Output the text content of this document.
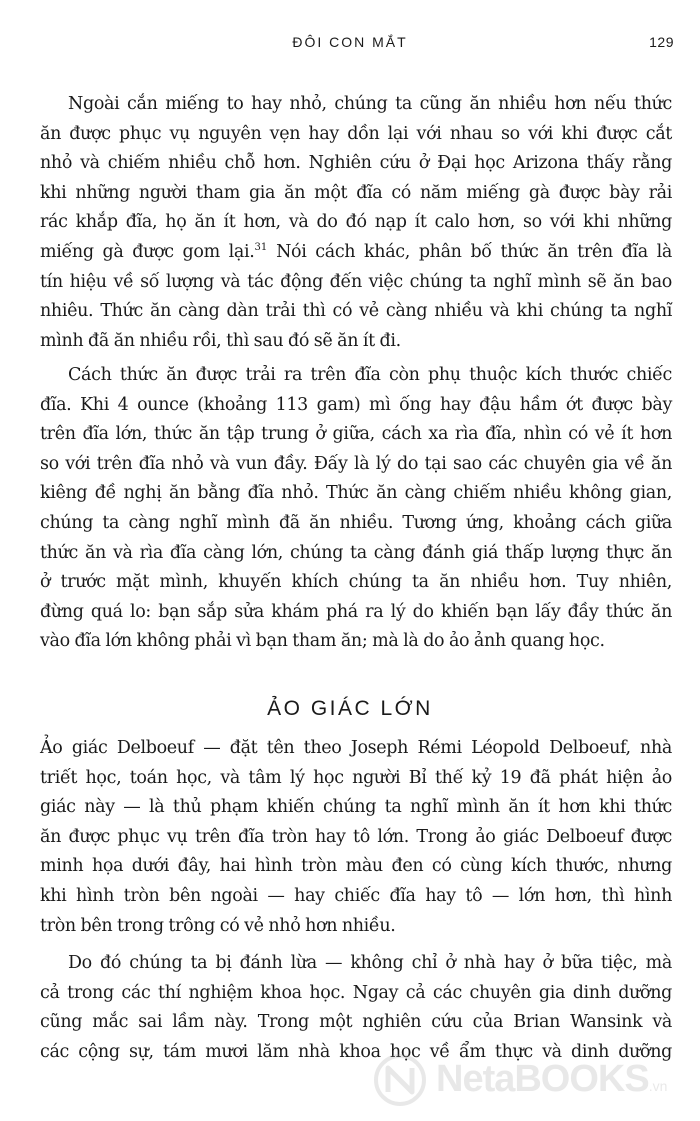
ĐÔI CON MẮT	129
Ngoài cắn miếng to hay nhỏ, chúng ta cũng ăn nhiều hơn nếu thức
ăn được phục vụ nguyên vẹn hay dồn lại với nhau so với khi được cắt
nhỏ và chiếm nhiều chỗ hơn. Nghiên cứu ở Đại học Arizona thấy rằng
khi những người tham gia ăn một đĩa có năm miếng gà được bày rải
rác khắp đĩa, họ ăn ít hơn, và do đó nạp ít calo hơn, so với khi những
miếng gà được gom lại.$^{31}$ Nói cách khác, phân bố thức ăn trên đĩa là
tín hiệu về số lượng và tác động đến việc chúng ta nghĩ mình sẽ ăn bao
nhiêu. Thức ăn càng dàn trải thì có vẻ càng nhiều và khi chúng ta nghĩ
mình đã ăn nhiều rồi, thì sau đó sẽ ăn ít đi.
Cách thức ăn được trải ra trên đĩa còn phụ thuộc kích thước chiếc
đĩa. Khi 4 ounce (khoảng 113 gam) mì ống hay đậu hầm ớt được bày
trên đĩa lớn, thức ăn tập trung ở giữa, cách xa rìa đĩa, nhìn có vẻ ít hơn
so với trên đĩa nhỏ và vun đầy. Đấy là lý do tại sao các chuyên gia về ăn
kiêng đề nghị ăn bằng đĩa nhỏ. Thức ăn càng chiếm nhiều không gian,
chúng ta càng nghĩ mình đã ăn nhiều. Tương ứng, khoảng cách giữa
thức ăn và rìa đĩa càng lớn, chúng ta càng đánh giá thấp lượng thực ăn
ở trước mặt mình, khuyến khích chúng ta ăn nhiều hơn. Tuy nhiên,
đừng quá lo: bạn sắp sửa khám phá ra lý do khiến bạn lấy đầy thức ăn
vào đĩa lớn không phải vì bạn tham ăn; mà là do ảo ảnh quang học.
ẢO GIÁC LỚN
Ảo giác Delboeuf — đặt tên theo Joseph Rémi Léopold Delboeuf, nhà
triết học, toán học, và tâm lý học người Bỉ thế kỷ 19 đã phát hiện ảo
giác này — là thủ phạm khiến chúng ta nghĩ mình ăn ít hơn khi thức
ăn được phục vụ trên đĩa tròn hay tô lớn. Trong ảo giác Delboeuf được
minh họa dưới đây, hai hình tròn màu đen có cùng kích thước, nhưng
khi hình tròn bên ngoài — hay chiếc đĩa hay tô — lớn hơn, thì hình
tròn bên trong trông có vẻ nhỏ hơn nhiều.
Do đó chúng ta bị đánh lừa — không chỉ ở nhà hay ở bữa tiệc, mà
cả trong các thí nghiệm khoa học. Ngay cả các chuyên gia dinh dưỡng
cũng mắc sai lầm này. Trong một nghiên cứu của Brian Wansink và
các cộng sự, tám mươi lăm nhà khoa học về ẩm thực và dinh dưỡng
NetaBOOKS.vn
